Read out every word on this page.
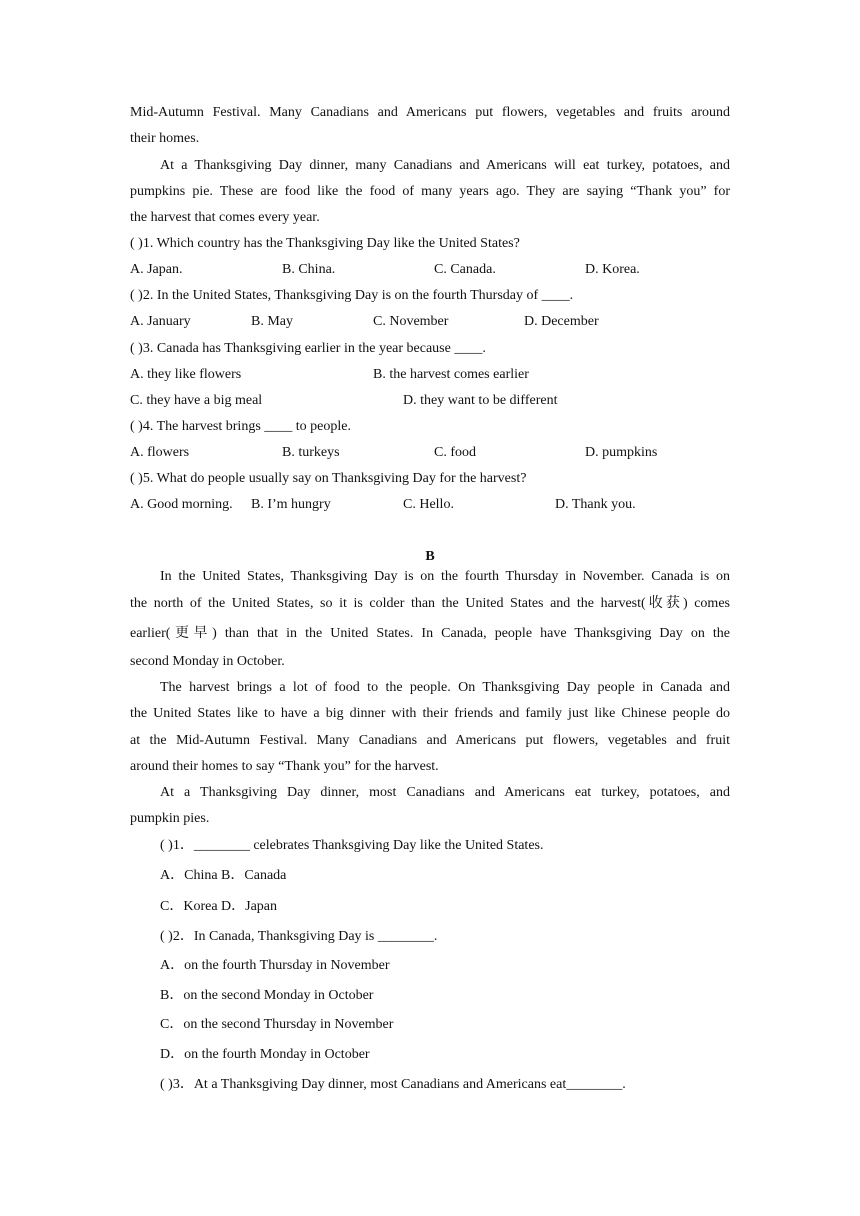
Mid-Autumn Festival. Many Canadians and Americans put flowers, vegetables and fruits around
their homes.
At a Thanksgiving Day dinner, many Canadians and Americans will eat turkey, potatoes, and
pumpkins pie. These are food like the food of many years ago. They are saying “Thank you” for
the harvest that comes every year.
( )1. Which country has the Thanksgiving Day like the United States?
A. Japan.	B. China.	C. Canada.	D. Korea.
( )2. In the United States, Thanksgiving Day is on the fourth Thursday of ____.
A. January	B. May	C. November	D. December
( )3. Canada has Thanksgiving earlier in the year because ____.
A. they like flowers	B. the harvest comes earlier
C. they have a big meal	D. they want to be different
( )4. The harvest brings ____ to people.
A. flowers	B. turkeys	C. food	D. pumpkins
( )5. What do people usually say on Thanksgiving Day for the harvest?
A. Good morning. B. I’m hungry	C. Hello.	D. Thank you.
B
In the United States, Thanksgiving Day is on the fourth Thursday in November. Canada is on
the north of the United States, so it is colder than the United States and the harvest(收获) comes
earlier(更早) than that in the United States. In Canada, people have Thanksgiving Day on the
second Monday in October.
The harvest brings a lot of food to the people. On Thanksgiving Day people in Canada and
the United States like to have a big dinner with their friends and family just like Chinese people do
at the Mid-Autumn Festival. Many Canadians and Americans put flowers, vegetables and fruit
around their homes to say “Thank you” for the harvest.
At a Thanksgiving Day dinner, most Canadians and Americans eat turkey, potatoes, and
pumpkin pies.
( )1．________ celebrates Thanksgiving Day like the United States.
A．China B．Canada
C．Korea D．Japan
( )2．In Canada, Thanksgiving Day is ________.
A．on the fourth Thursday in November
B．on the second Monday in October
C．on the second Thursday in November
D．on the fourth Monday in October
( )3．At a Thanksgiving Day dinner, most Canadians and Americans eat________.
